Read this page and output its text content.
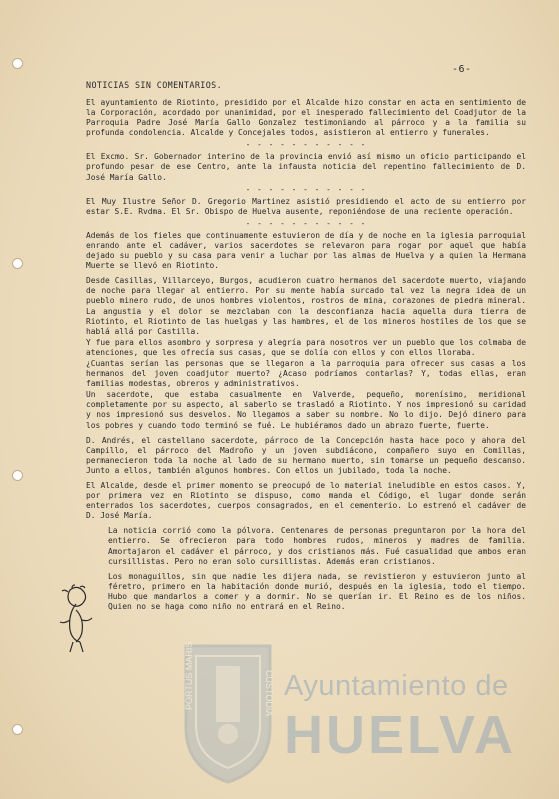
-6-
NOTICIAS SIN COMENTARIOS.

El ayuntamiento de Riotinto, presidido por el Alcalde hizo constar en acta en sentimiento de la Corporación, acordado por unanimidad, por el inesperado fallecimiento del Coadjutor de la Parroquia Padre José María Gallo Gonzalez testimoniando al párroco y a la familia su profunda condolencia. Alcalde y Concejales todos, asistieron al entierro y funerales.

- - - - - - - - - - -

El Excmo. Sr. Gobernador interino de la provincia envió así mismo un oficio participando el profundo pesar de ese Centro, ante la infausta noticia del repentino fallecimiento de D. José María Gallo.

- - - - - - - - - - -

El Muy Ilustre Señor D. Gregorio Martinez asistió presidiendo el acto de su entierro por estar S.E. Rvdma. El Sr. Obispo de Huelva ausente, reponiéndose de una reciente operación.

- - - - - - - - - - -

Además de los fieles que continuamente estuvieron de día y de noche en la iglesia parroquial enrando ante el cadáver, varios sacerdotes se relevaron para rogar por aquel que había dejado su pueblo y su casa para venir a luchar por las almas de Huelva y a quien la Hermana Muerte se llevó en Riotinto.

Desde Casillas, Villarceyo, Burgos, acudieron cuatro hermanos del sacerdote muerto, viajando de noche para llegar al entierro. Por su mente había surcado tal vez la negra idea de un pueblo minero rudo, de unos hombres violentos, rostros de mina, corazones de piedra mineral. La angustia y el dolor se mezclaban con la desconfianza hacia aquella dura tierra de Riotinto, el Riotinto de las huelgas y las hambres, el de los mineros hostiles de los que se hablá allá por Castilla.

Y fue para ellos asombro y sorpresa y alegría para nosotros ver un pueblo que los colmaba de atenciones, que les ofrecía sus casas, que se dolía con ellos y con ellos lloraba.

¿Cuantas serían las personas que se llegaron a la parroquia para ofrecer sus casas a los hermanos del joven coadjutor muerto? ¿Acaso podríamos contarlas? Y, todas ellas, eran familias modestas, obreros y administrativos.

Un sacerdote, que estaba casualmente en Valverde, pequeño, morenísimo, meridional completamente por su aspecto, al saberlo se trasladó a Riotinto. Y nos impresionó su caridad y nos impresionó sus desvelos. No llegamos a saber su nombre. No lo dijo. Dejó dinero para los pobres y cuando todo terminó se fué. Le hubiéramos dado un abrazo fuerte, fuerte.

D. Andrés, el castellano sacerdote, párroco de la Concepción hasta hace poco y ahora del Campillo, el párroco del Madroño y un joven subdiácono, compañero suyo en Comillas, permanecieron toda la noche al lado de su hermano muerto, sin tomarse un pequeño descanso. Junto a ellos, también algunos hombres. Con ellos un jubilado, toda la noche.

El Alcalde, desde el primer momento se preocupó de lo material ineludible en estos casos. Y, por primera vez en Riotinto se dispuso, como manda el Código, el lugar donde serán enterrados los sacerdotes, cuerpos consagrados, en el cementerio. Lo estrenó el cadáver de D. José María.

La noticia corrió como la pólvora. Centenares de personas preguntaron por la hora del entierro. Se ofrecieron para todo hombres rudos, mineros y madres de familia. Amortajaron el cadáver el párroco, y dos cristianos más. Fué casualidad que ambos eran cursillistas. Pero no eran solo cursillistas. Además eran cristianos.

Los monaguillos, sin que nadie les dijera nada, se revistieron y estuvieron junto al féretro, primero en la habitación donde murió, después en la iglesia, todo el tiempo. Hubo que mandarlos a comer y a dormir. No se querían ir. El Reino es de los niños. Quien no se haga como niño no entrará en el Reino.

PORTUS MARIS	CUSTODIA Ayuntamiento de
HUELVA
